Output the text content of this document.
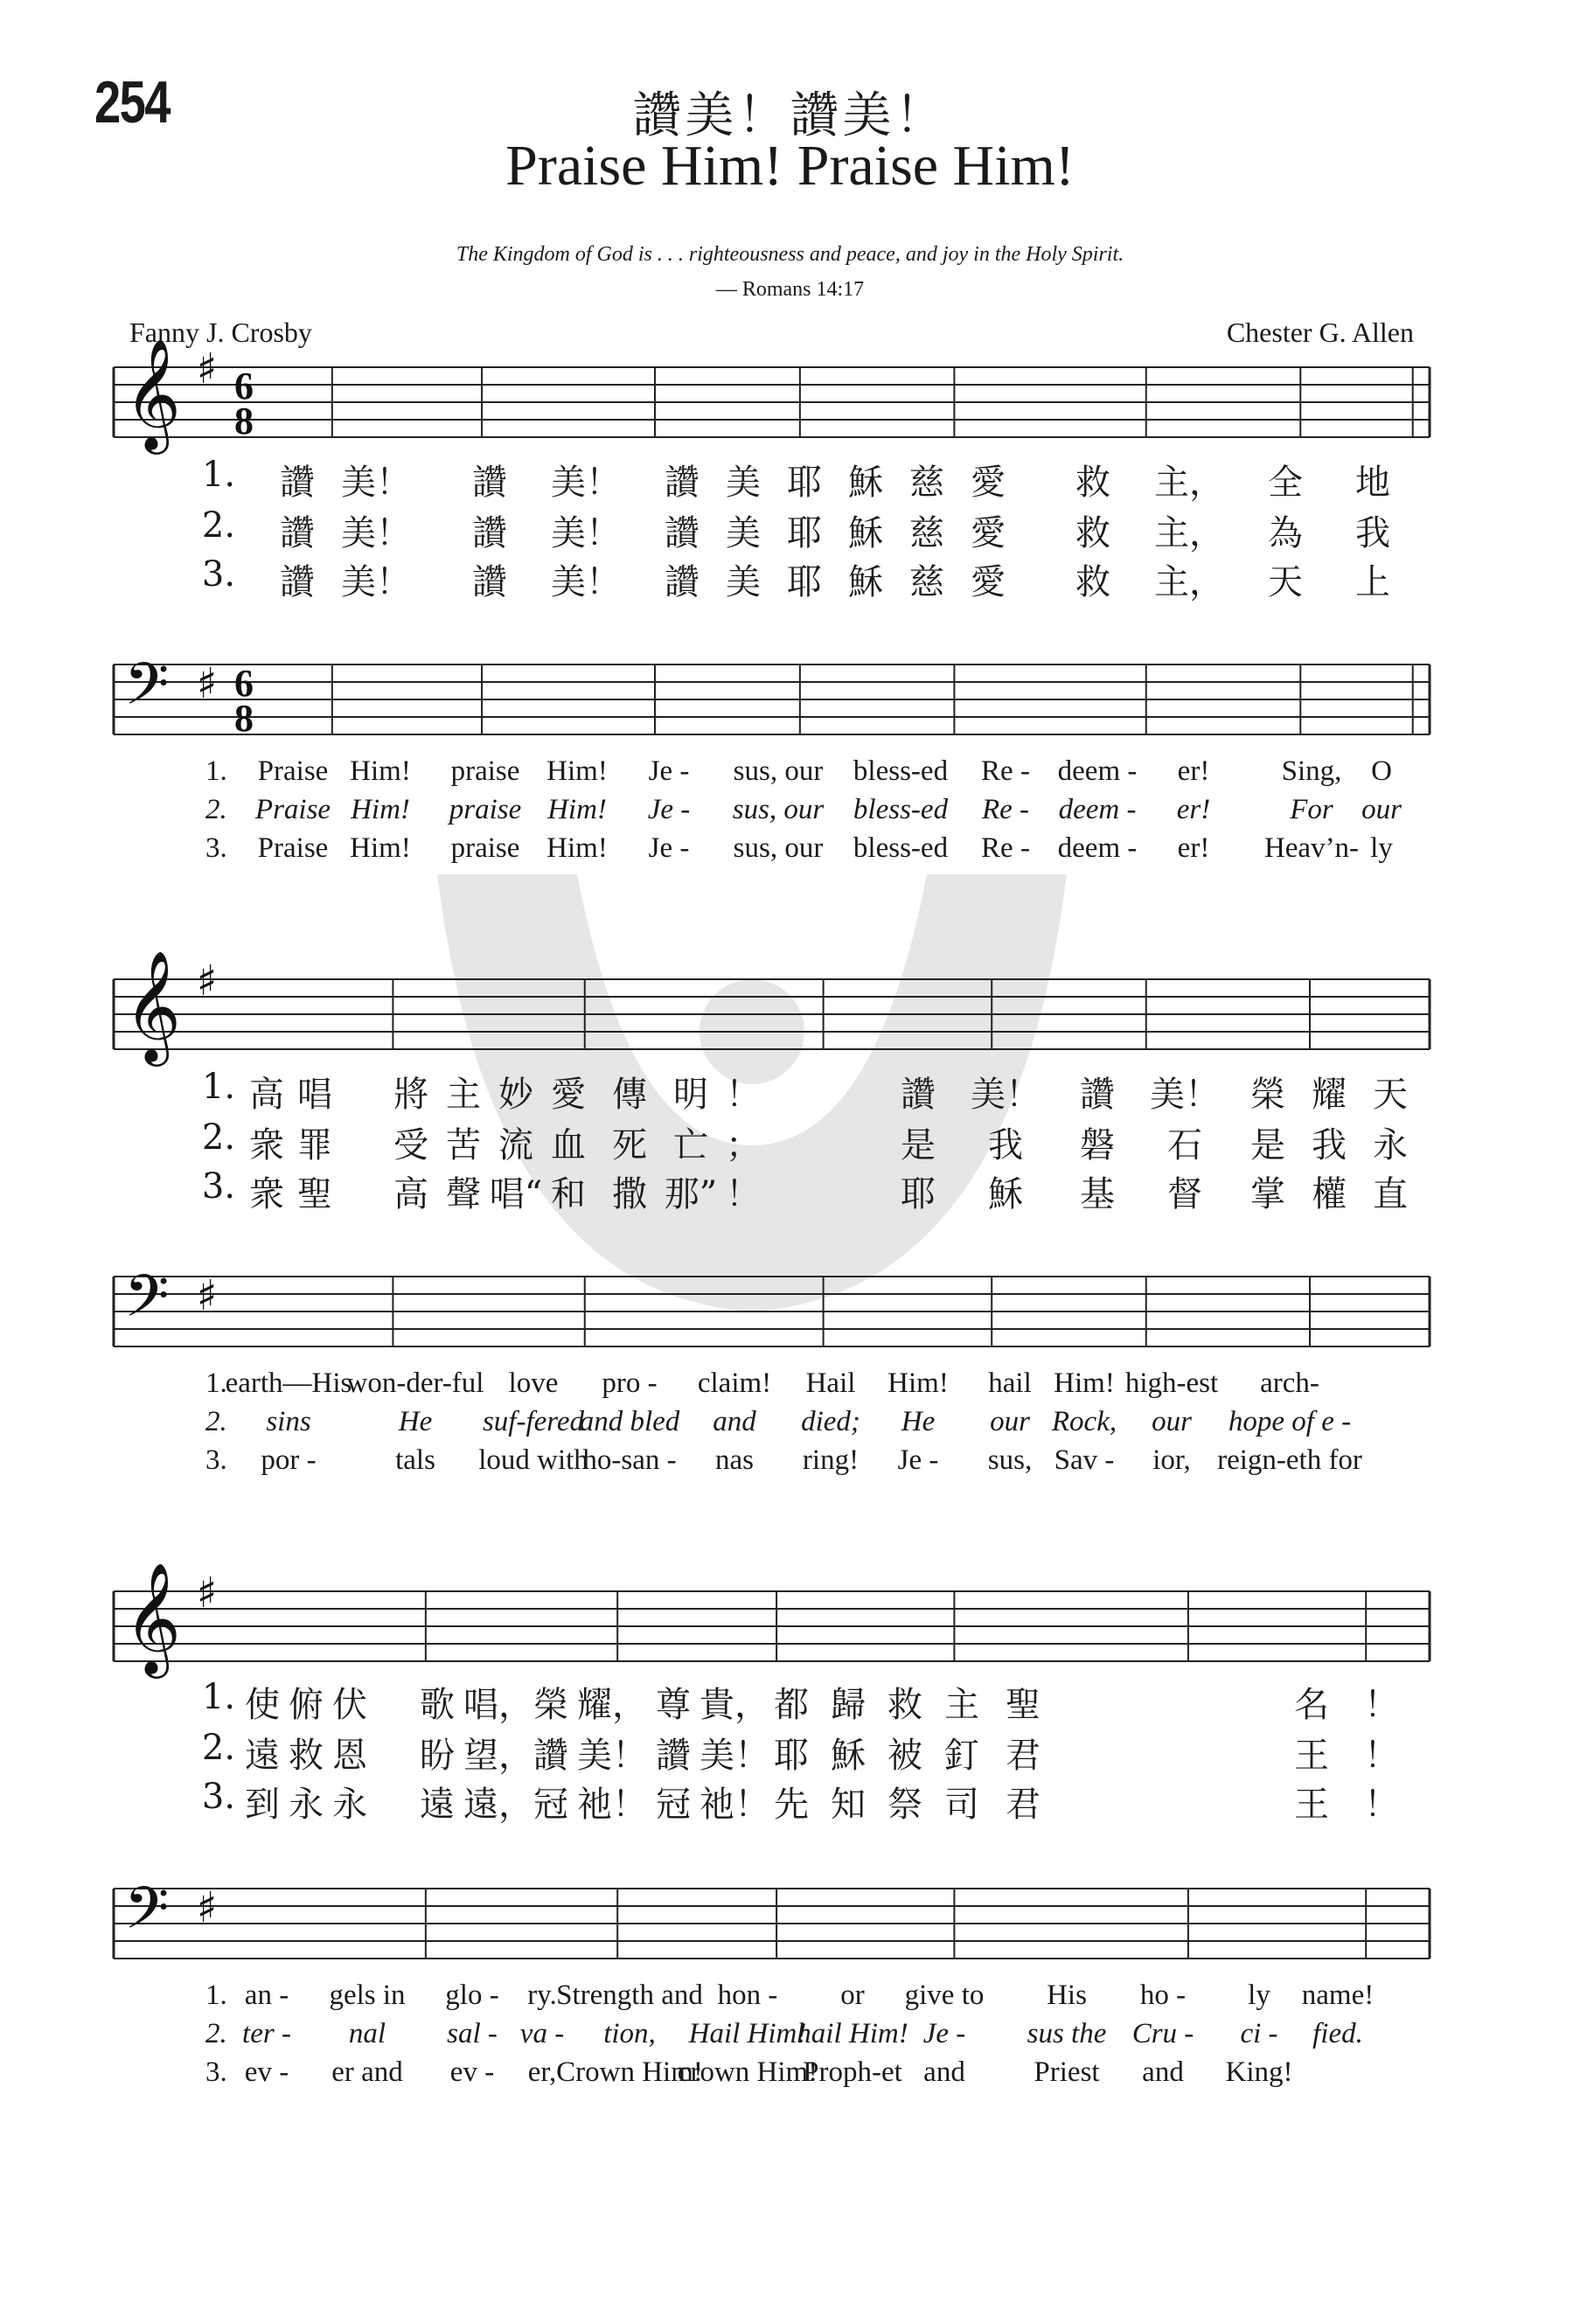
254	讚美！讚美！
Praise Him! Praise Him!
The Kingdom of God is . . . righteousness and peace, and joy in the Holy Spirit.
— Romans 14:17
Fanny J. Crosby	Chester G. Allen
𝄞 ♯ 6
8
𝄢 ♯ 6
8
𝄞 ♯
𝄢 ♯
𝄞 ♯
𝄢 ♯
1. 讚 美！ 讚 美！ 讚 美 耶 穌 慈 愛 救 主， 全 地
2. 讚 美！ 讚 美！ 讚 美 耶 穌 慈 愛 救 主， 為 我
3. 讚 美！ 讚 美！ 讚 美 耶 穌 慈 愛 救 主， 天 上
1. Praise Him! praise Him! Je - sus, our bless-ed Re - deem - er! Sing, O
2. Praise Him! praise Him! Je - sus, our bless-ed Re - deem - er!	For our
3. Praise Him! praise Him! Je - sus, our bless-ed Re - deem - er! Heav’n- ly
1. 高 唱 將 主 妙 愛 傳 明 ！	讚 美！ 讚 美！ 榮 耀 天
2. 衆 罪 受 苦 流 血 死 亡 ；	是 我 磐 石 是 我 永
3. 衆 聖 高 聲 唱“ 和 撒 那” ！	耶 穌 基 督 掌 權 直
1.
earth—His
won-der-ful love pro - claim! Hail Him! hail Him! high-est arch-
2. sins	He suf-fered
and bled and died; He our Rock, our hope of e -
3. por -	tals loud with
ho-san - nas ring! Je - sus, Sav - ior, reign-eth for
1. 使 俯 伏 歌 唱， 榮 耀， 尊 貴， 都 歸 救 主 聖	名 ！
2. 遠 救 恩 盼 望， 讚 美！ 讚 美！ 耶 穌 被 釘 君	王 ！
3. 到 永 永 遠 遠， 冠 祂！ 冠 祂！ 先 知 祭 司 君	王 ！
1. an - gels in glo - ry. Strength and hon - or give to His ho - ly name!
2. ter - nal sal - va - tion, Hail Him!
hail Him! Je - sus the Cru - ci - fied.
3. ev - er and ev - er, Crown Him!
crown Him!
Proph-et and Priest and King!
